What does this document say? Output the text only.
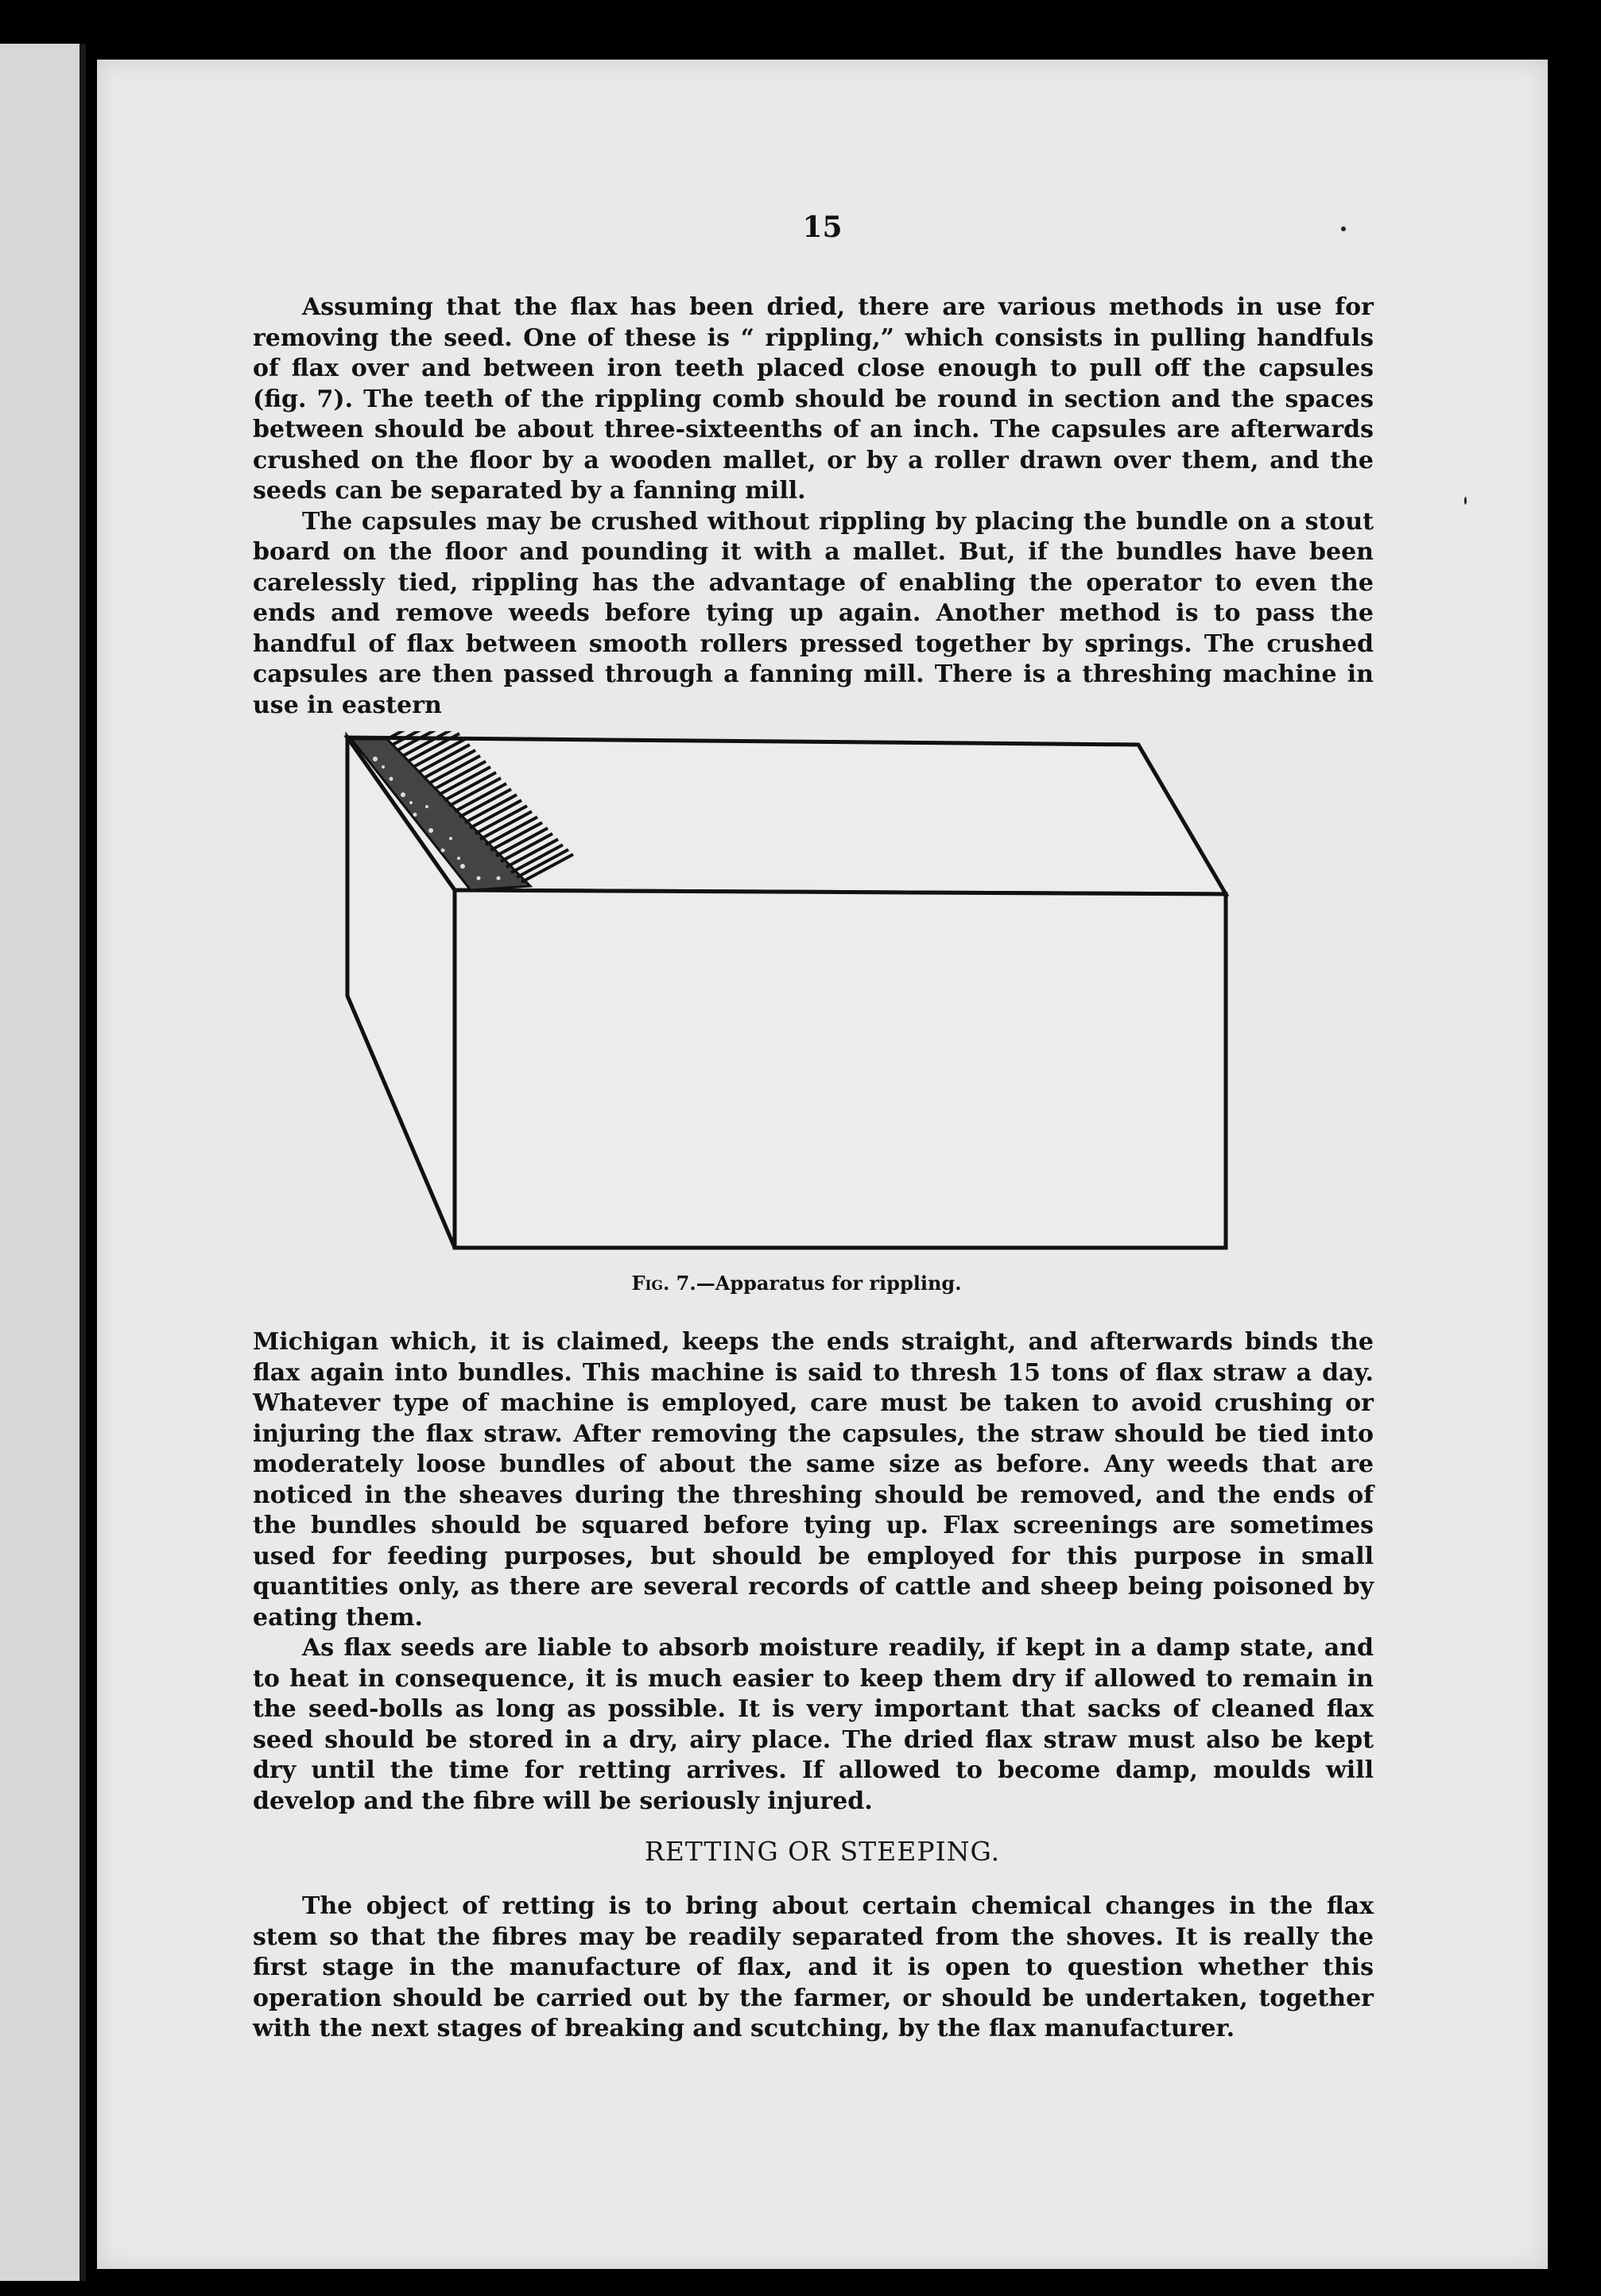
15

Assuming that the flax has been dried, there are various methods in use for removing the seed. One of these is “ rippling,” which consists in pulling handfuls of flax over and between iron teeth placed close enough to pull off the capsules (fig. 7). The teeth of the rippling comb should be round in section and the spaces between should be about three-sixteenths of an inch. The capsules are afterwards crushed on the floor by a wooden mallet, or by a roller drawn over them, and the seeds can be separated by a fanning mill.

The capsules may be crushed without rippling by placing the bundle on a stout board on the floor and pounding it with a mallet. But, if the bundles have been carelessly tied, rippling has the advantage of enabling the operator to even the ends and remove weeds before tying up again. Another method is to pass the handful of flax between smooth rollers pressed together by springs. The crushed capsules are then passed through a fanning mill. There is a threshing machine in use in eastern

Fig. 7.—Apparatus for rippling.

Michigan which, it is claimed, keeps the ends straight, and afterwards binds the flax again into bundles. This machine is said to thresh 15 tons of flax straw a day. Whatever type of machine is employed, care must be taken to avoid crushing or injuring the flax straw. After removing the capsules, the straw should be tied into moderately loose bundles of about the same size as before. Any weeds that are noticed in the sheaves during the threshing should be removed, and the ends of the bundles should be squared before tying up. Flax screenings are sometimes used for feeding purposes, but should be employed for this purpose in small quantities only, as there are several records of cattle and sheep being poisoned by eating them.

As flax seeds are liable to absorb moisture readily, if kept in a damp state, and to heat in consequence, it is much easier to keep them dry if allowed to remain in the seed-bolls as long as possible. It is very important that sacks of cleaned flax seed should be stored in a dry, airy place. The dried flax straw must also be kept dry until the time for retting arrives. If allowed to become damp, moulds will develop and the fibre will be seriously injured.

RETTING OR STEEPING.

The object of retting is to bring about certain chemical changes in the flax stem so that the fibres may be readily separated from the shoves. It is really the first stage in the manufacture of flax, and it is open to question whether this operation should be carried out by the farmer, or should be undertaken, together with the next stages of breaking and scutching, by the flax manufacturer.
